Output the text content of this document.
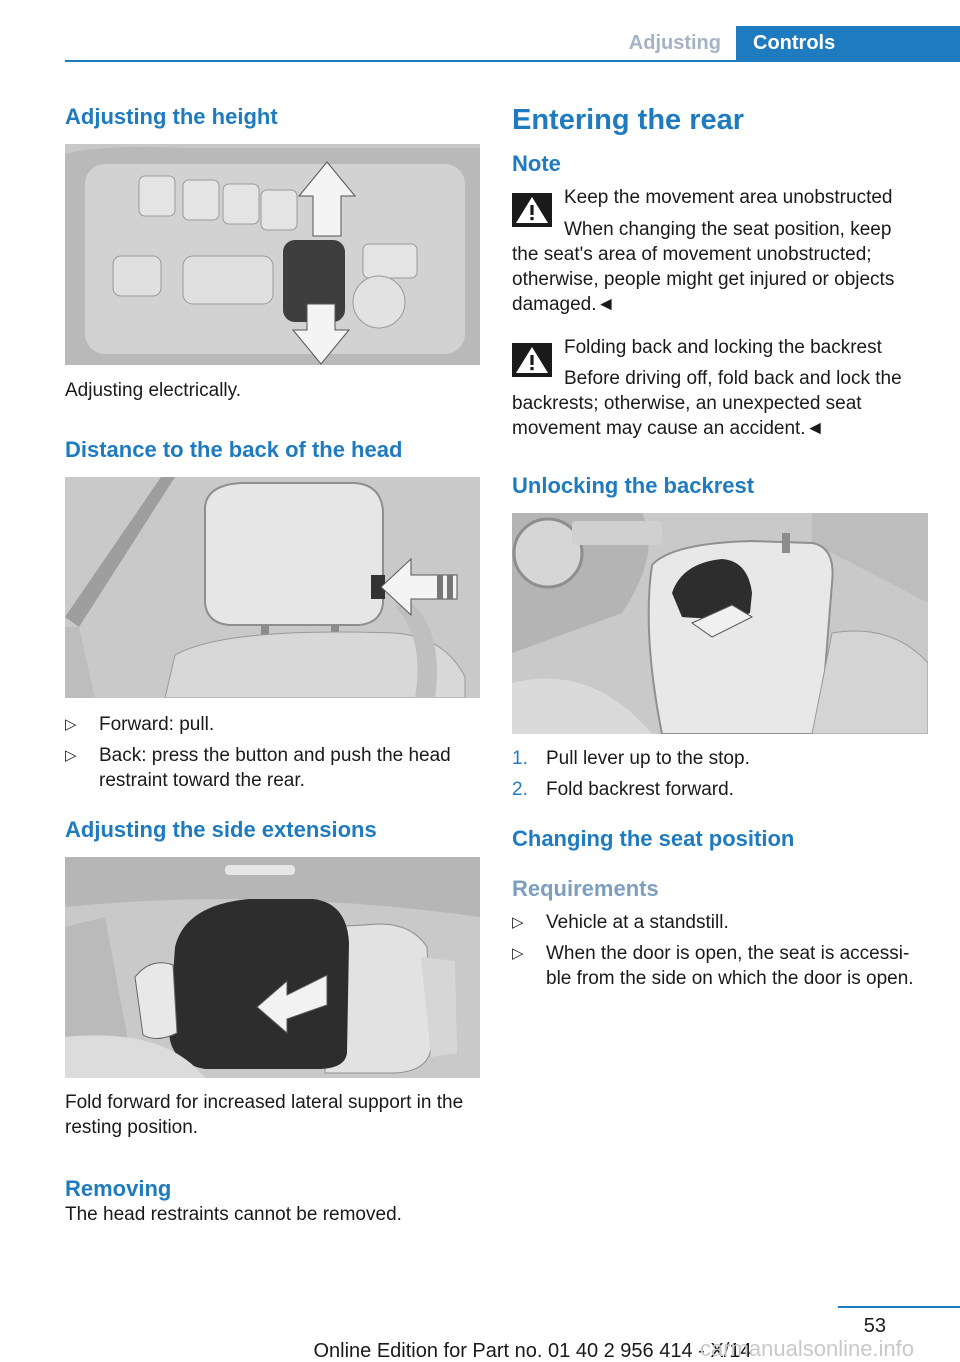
Adjusting	Controls
Adjusting the height

Adjusting electrically.

Distance to the back of the head
▷ Forward: pull.
▷ Back: press the button and push the head restraint toward the rear.
Adjusting the side extensions

Fold forward for increased lateral support in the resting position.

Removing

The head restraints cannot be removed.

Entering the rear
Note

Keep the movement area unobstructed

When changing the seat position, keep

the seat's area of movement unobstructed; otherwise, people might get injured or objects damaged.◄

Folding back and locking the backrest

Before driving off, fold back and lock the

backrests; otherwise, an unexpected seat movement may cause an accident.◄

Unlocking the backrest
1. Pull lever up to the stop.
2. Fold backrest forward.
Changing the seat position
Requirements
▷ Vehicle at a standstill.
▷ When the door is open, the seat is accessi‐ ble from the side on which the door is open.
53
Online Edition for Part no. 01 40 2 956 414 - X/14
carmanualsonline.info
